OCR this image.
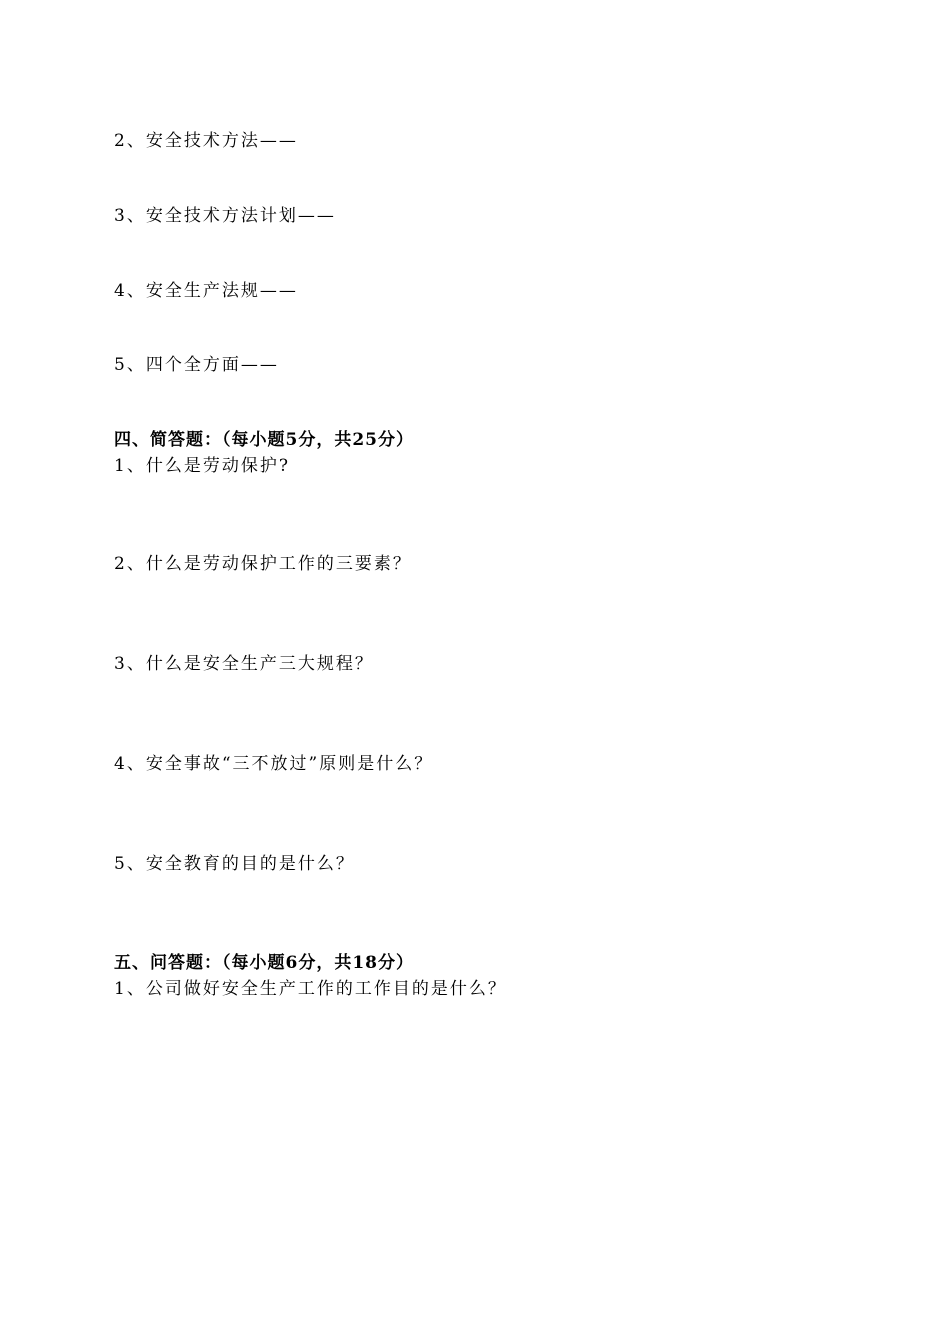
2、安全技术方法——
3、安全技术方法计划——
4、安全生产法规——
5、四个全方面——
四、简答题：（每小题5分，共25分）
1、什么是劳动保护?
2、什么是劳动保护工作的三要素？
3、什么是安全生产三大规程？
4、安全事故“三不放过”原则是什么？
5、安全教育的目的是什么？
五、问答题：（每小题6分，共18分）
1、公司做好安全生产工作的工作目的是什么？
